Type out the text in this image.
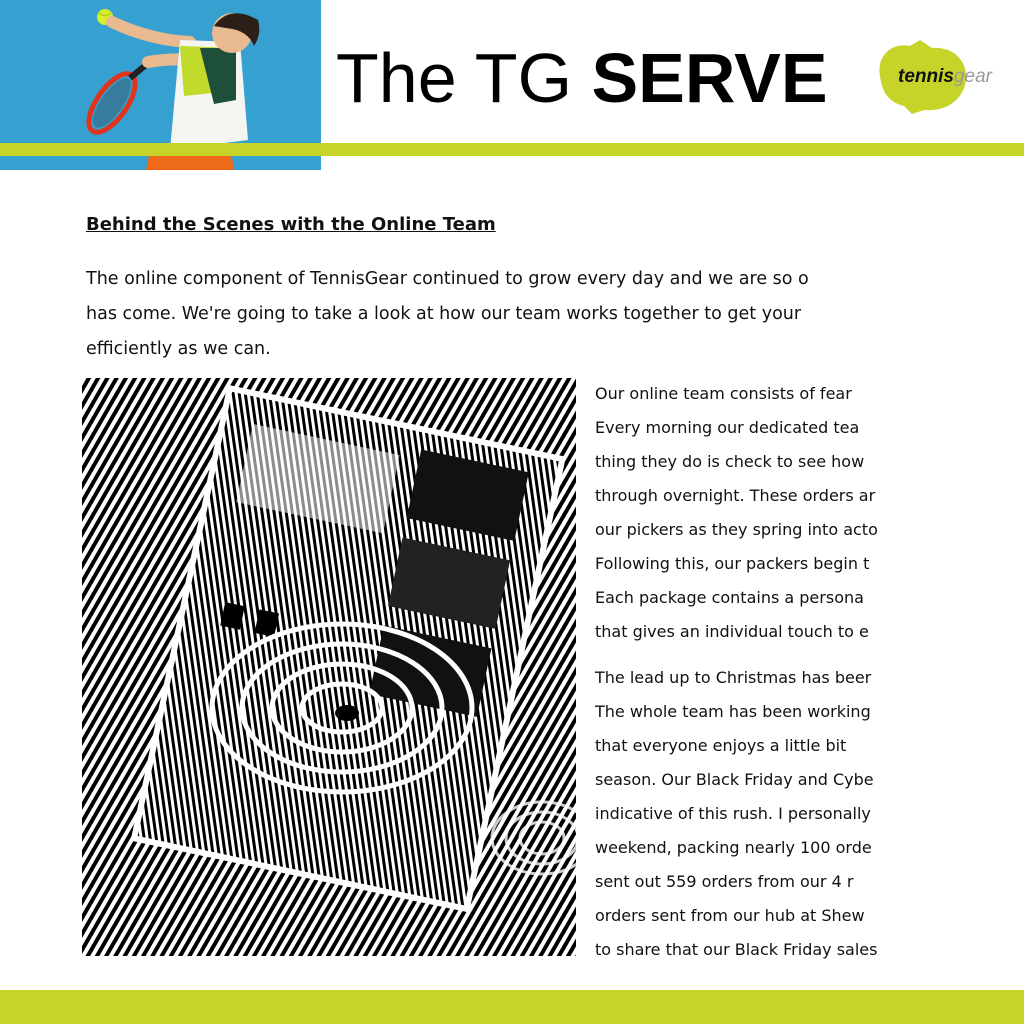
The TG SERVE	tennisgear
Behind the Scenes with the Online Team
The online component of TennisGear continued to grow every day and we are so o
has come. We're going to take a look at how our team works together to get your
efficiently as we can.
Our online team consists of fear
Every morning our dedicated tea
thing they do is check to see how
through overnight. These orders ar
our pickers as they spring into acto
Following this, our packers begin t
Each package contains a persona
that gives an individual touch to e
The lead up to Christmas has beer
The whole team has been working
that everyone enjoys a little bit
season. Our Black Friday and Cybe
indicative of this rush. I personally
weekend, packing nearly 100 orde
sent out 559 orders from our 4 r
orders sent from our hub at Shew
to share that our Black Friday sales
